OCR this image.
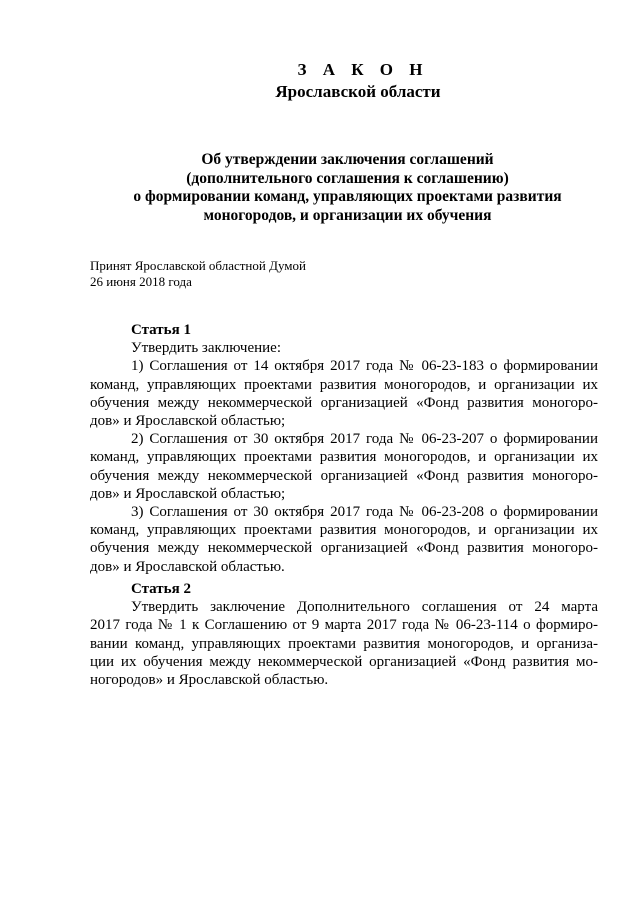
З А К О Н
Ярославской области
Об утверждении заключения соглашений
(дополнительного соглашения к соглашению)
о формировании команд, управляющих проектами развития
моногородов, и организации их обучения
Принят Ярославской областной Думой
26 июня 2018 года
Статья 1
Утвердить заключение:
1) Соглашения от 14 октября 2017 года № 06-23-183 о формировании
команд, управляющих проектами развития моногородов, и организации их
обучения между некоммерческой организацией «Фонд развития моногоро-
дов» и Ярославской областью;
2) Соглашения от 30 октября 2017 года № 06-23-207 о формировании
команд, управляющих проектами развития моногородов, и организации их
обучения между некоммерческой организацией «Фонд развития моногоро-
дов» и Ярославской областью;
3) Соглашения от 30 октября 2017 года № 06-23-208 о формировании
команд, управляющих проектами развития моногородов, и организации их
обучения между некоммерческой организацией «Фонд развития моногоро-
дов» и Ярославской областью.
Статья 2
Утвердить заключение Дополнительного соглашения от 24 марта
2017 года № 1 к Соглашению от 9 марта 2017 года № 06-23-114 о формиро-
вании команд, управляющих проектами развития моногородов, и организа-
ции их обучения между некоммерческой организацией «Фонд развития мо-
ногородов» и Ярославской областью.
